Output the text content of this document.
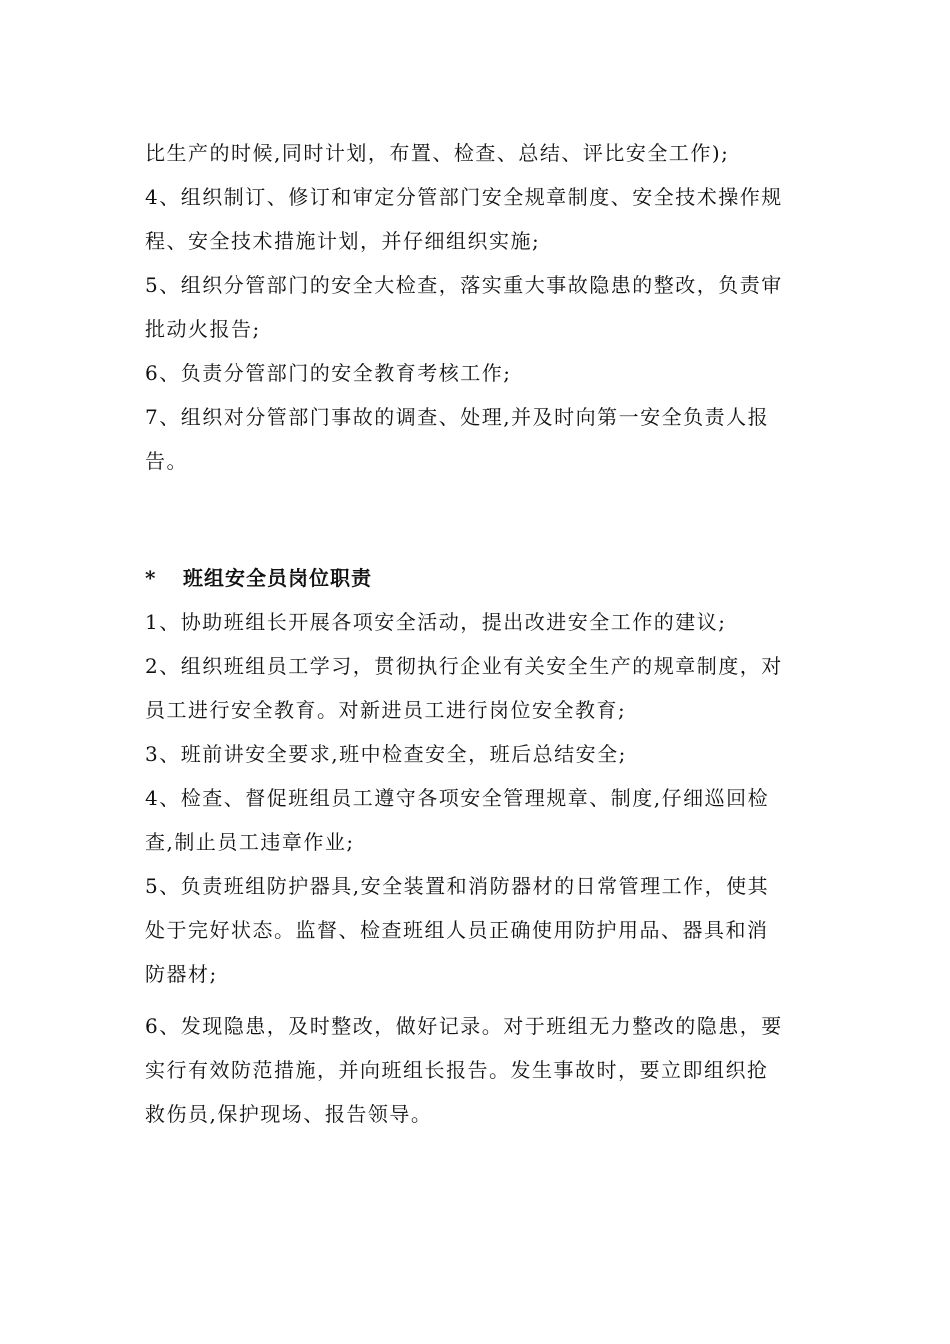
比生产的时候,同时计划，布置、检查、总结、评比安全工作);
4、组织制订、修订和审定分管部门安全规章制度、安全技术操作规
程、安全技术措施计划，并仔细组织实施;
5、组织分管部门的安全大检查，落实重大事故隐患的整改，负责审
批动火报告;
6、负责分管部门的安全教育考核工作;
7、组织对分管部门事故的调查、处理,并及时向第一安全负责人报
告。
* 班组安全员岗位职责
1、协助班组长开展各项安全活动，提出改进安全工作的建议;
2、组织班组员工学习，贯彻执行企业有关安全生产的规章制度，对
员工进行安全教育。对新进员工进行岗位安全教育;
3、班前讲安全要求,班中检查安全，班后总结安全;
4、检查、督促班组员工遵守各项安全管理规章、制度,仔细巡回检
查,制止员工违章作业;
5、负责班组防护器具,安全装置和消防器材的日常管理工作，使其
处于完好状态。监督、检查班组人员正确使用防护用品、器具和消
防器材;
6、发现隐患，及时整改，做好记录。对于班组无力整改的隐患，要
实行有效防范措施，并向班组长报告。发生事故时，要立即组织抢
救伤员,保护现场、报告领导。
